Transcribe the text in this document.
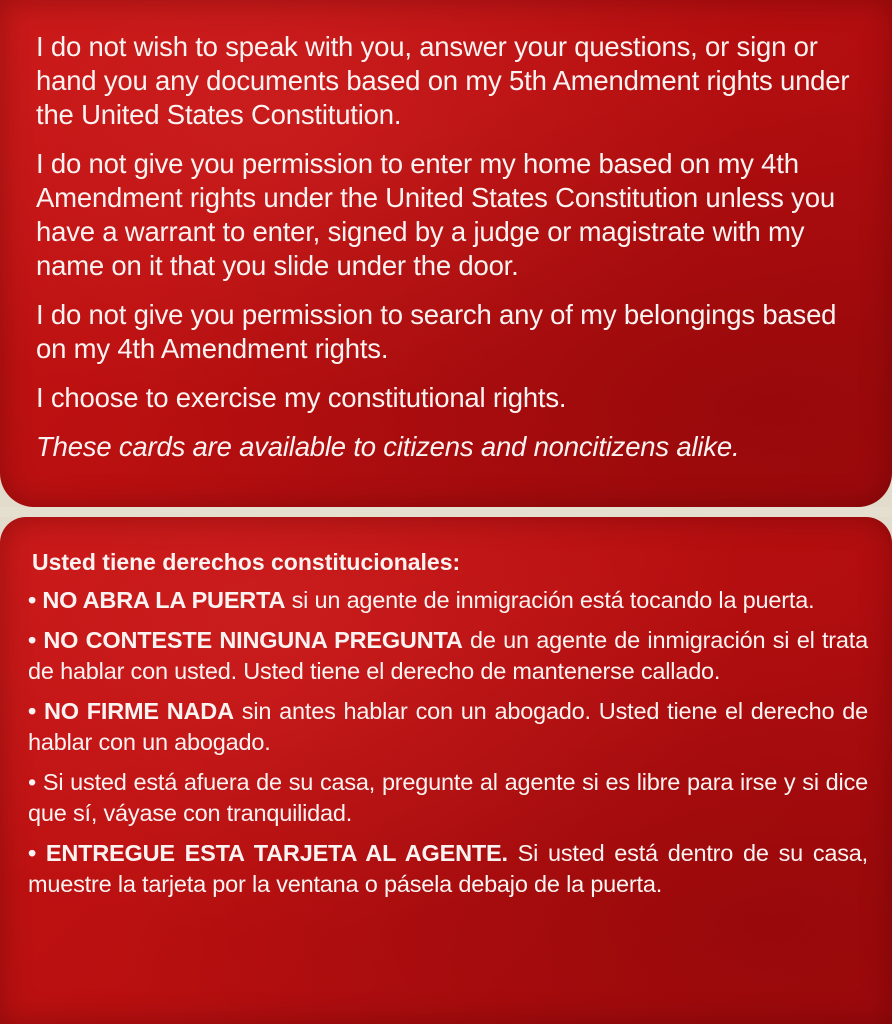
I do not wish to speak with you, answer your questions, or sign or hand you any documents based on my 5th Amendment rights under the United States Constitution.

I do not give you permission to enter my home based on my 4th Amendment rights under the United States Constitution unless you have a warrant to enter, signed by a judge or magistrate with my name on it that you slide under the door.

I do not give you permission to search any of my belongings based on my 4th Amendment rights.

I choose to exercise my constitutional rights.

These cards are available to citizens and noncitizens alike.

Usted tiene derechos constitucionales:
• NO ABRA LA PUERTA si un agente de inmigración está tocando la puerta.
• NO CONTESTE NINGUNA PREGUNTA de un agente de inmigración si el trata de hablar con usted. Usted tiene el derecho de mantenerse callado.
• NO FIRME NADA sin antes hablar con un abogado. Usted tiene el derecho de hablar con un abogado.
• Si usted está afuera de su casa, pregunte al agente si es libre para irse y si dice que sí, váyase con tranquilidad.
• ENTREGUE ESTA TARJETA AL AGENTE. Si usted está dentro de su casa, muestre la tarjeta por la ventana o pásela debajo de la puerta.
